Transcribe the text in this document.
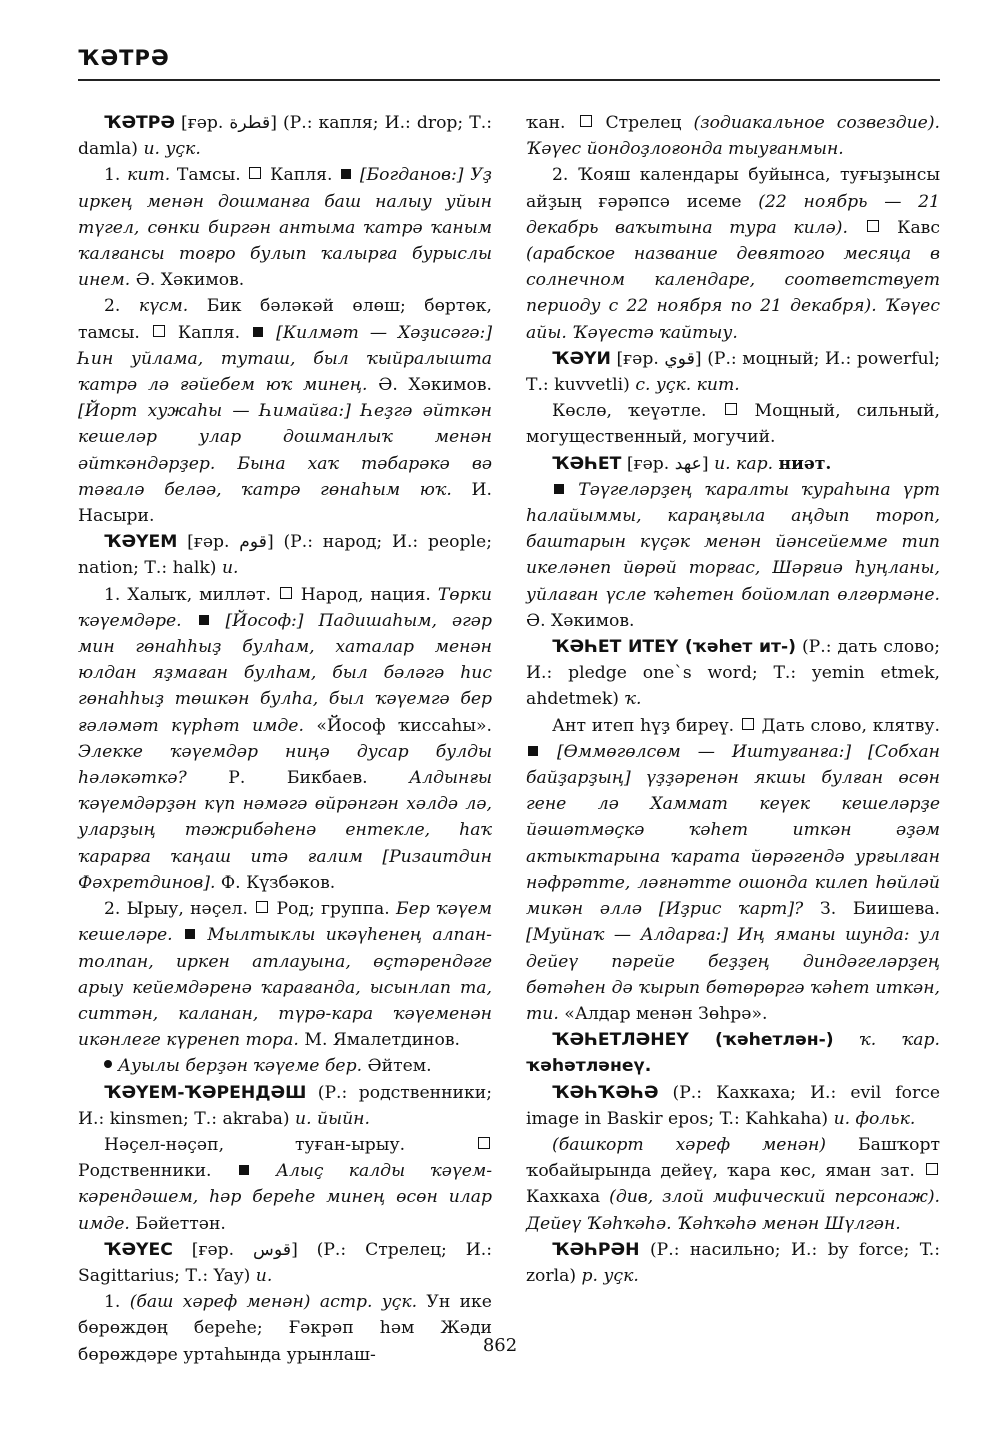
ҠӘТРӘ

ҠӘТРӘ [ғәр. قطرة] (Р.: капля; И.: drop; Т.: damla) и. уҫк.

1. кит. Тамсы.  Капля.  [Богданов:] Уҙ иркең менән дошманға баш налыу уйын түгел, сөнки биргән антыма ҡатрә ҡаным ҡалғансы тоғро булып ҡалырға бурыслы инем. Ә. Хәкимов.

2. күсм. Бик бәләкәй өлөш; бөртөк, тамсы.  Капля.  [Килмәт — Хәҙисәгә:] Һин уйлама, туташ, был ҡыйралышта ҡатрә лә ғәйебем юҡ минең. Ә. Хәкимов. [Йорт хужаһы — Һимайға:] Һеҙгә әйткән кешеләр улар дошманлыҡ менән әйткәндәрҙер. Бына хаҡ тәбарәкә вә тәғалә беләә, ҡатрә гөнаһым юҡ. И. Насыри.

ҠӘҮЕМ [ғәр. قوم] (Р.: народ; И.: people; nation; Т.: halk) и.

1. Халыҡ, милләт.  Народ, нация. Төрки ҡәүемдәре.  [Йософ:] Падишаһым, әгәр мин гөнаһһыҙ булһам, хаталар менән юлдан яҙмаған булһам, был бәләгә һис гөнаһһыҙ төшкән булһа, был ҡәүемгә бер ғәләмәт күрһәт имде. «Йософ ҡиссаһы». Элекке ҡәүемдәр ниңә дусар булды һәләкәткә? Р. Бикбаев. Алдынғы ҡәүемдәрҙән күп нәмәгә өйрәнгән хәлдә лә, уларҙың тәжрибәһенә ентекле, һаҡ ҡарарға ҡаңаш итә ғалим [Ризаитдин Фәхретдинов]. Ф. Күзбәков.

2. Ырыу, нәҫел.  Род; группа. Бер ҡәүем кешеләре.  Мылтыклы икәүһенең алпан-толпан, иркен атлауына, өҫтәрендәге арыу кейемдәренә ҡарағанда, ысынлап та, ситтән, каланан, түрә-кара ҡәүеменән икәнлеге күренеп тора. М. Ямалетдинов.

Ауылы берҙән ҡәүеме бер. Әйтем.

ҠӘҮЕМ-ҠӘРЕНДӘШ (Р.: родственники; И.: kinsmen; Т.: akraba) и. йыйн.

Нәҫел-нәҫәп, туған-ырыу.  Родственники.  Алыҫ калды ҡәүем-кәрендәшем, һәр береһе минең өсөн илар имде. Бәйеттән.

ҠӘҮЕС [ғәр. قوس] (Р.: Стрелец; И.: Sagittarius; Т.: Yay) и.

1. (баш хәреф менән) астр. уҫк. Ун ике бөрөждөң береһе; Ғәкрәп һәм Жәди бөрөждәре уртаһында урынлаш-

ҡан.  Стрелец (зодиакальное созвездие). Ҡәүес йондоҙлоғонда тыуғанмын.

2. Ҡояш календары буйынса, туғыҙынсы айҙың ғәрәпсә исеме (22 ноябрь — 21 декабрь ваҡытына тура килә).  Кавс (арабское название девятого месяца в солнечном календаре, соответствует периоду с 22 ноября по 21 декабря). Ҡәүес айы. Ҡәүестә ҡайтыу.

ҠӘҮИ [ғәр. قوي] (Р.: моцный; И.: powerful; Т.: kuvvetli) с. уҫк. кит.

Көслө, ҡеүәтле.  Мощный, сильный, могущественный, могучий.

ҠӘҺЕТ [ғәр. عهد] и. кар. ниәт.

Тәүгеләрҙең ҡаралты ҡураһына үрт һалайыммы, караңғыла аңдып тороп, баштарын күҫәк менән йәнсейемме тип икеләнеп йөрөй торғас, Шәрғиә һуңланы, уйлаған үсле ҡәһетен бойомлап өлгөрмәне. Ә. Хәкимов.

ҠӘҺЕТ ИТЕҮ (ҡәһет ит-) (Р.: дать слово; И.: pledge one`s word; Т.: yemin etmek, ahdetmek) ҡ.

Ант итеп һүҙ биреү.  Дать слово, клятву.  [Өммөгөлсөм — Иштуғанға:] [Собхан байҙарҙың] үҙҙәренән якшы булған өсөн гене лә Хаммат кеүек кешеләрҙе йәшәтмәҫкә ҡәһет иткән әҙәм актыктарына ҡарата йөрәгендә урғылған нәфрәтте, ләғнәтте ошонда килеп һөйләй микән әллә [Иҙрис ҡарт]? З. Биишева. [Муйнаҡ — Алдарға:] Иң яманы шунда: ул дейеү пәрейе беҙҙең диндәгеләрҙең бөтәһен дә ҡырып бөтөрөргә ҡәһет иткән, ти. «Алдар менән Зөһрә».

ҠӘҺЕТЛӘНЕҮ (ҡәһетлән-) ҡ. ҡар. ҡәһәтләнеү.

ҠӘҺҠӘҺӘ (Р.: Кахкаха; И.: evil force image in Baskir epos; T.: Kahkaha) и. фольк.

(башкорт хәреф менән) Башҡорт ҡобайырында дейеү, ҡара көс, яман зат.  Кахкаха (див, злой мифический персонаж). Дейеү Ҡәһҡәһә. Ҡәһҡәһә менән Шүлгән.

ҠӘҺРӘН (Р.: насильно; И.: by force; T.: zorla) р. уҫк.

862
